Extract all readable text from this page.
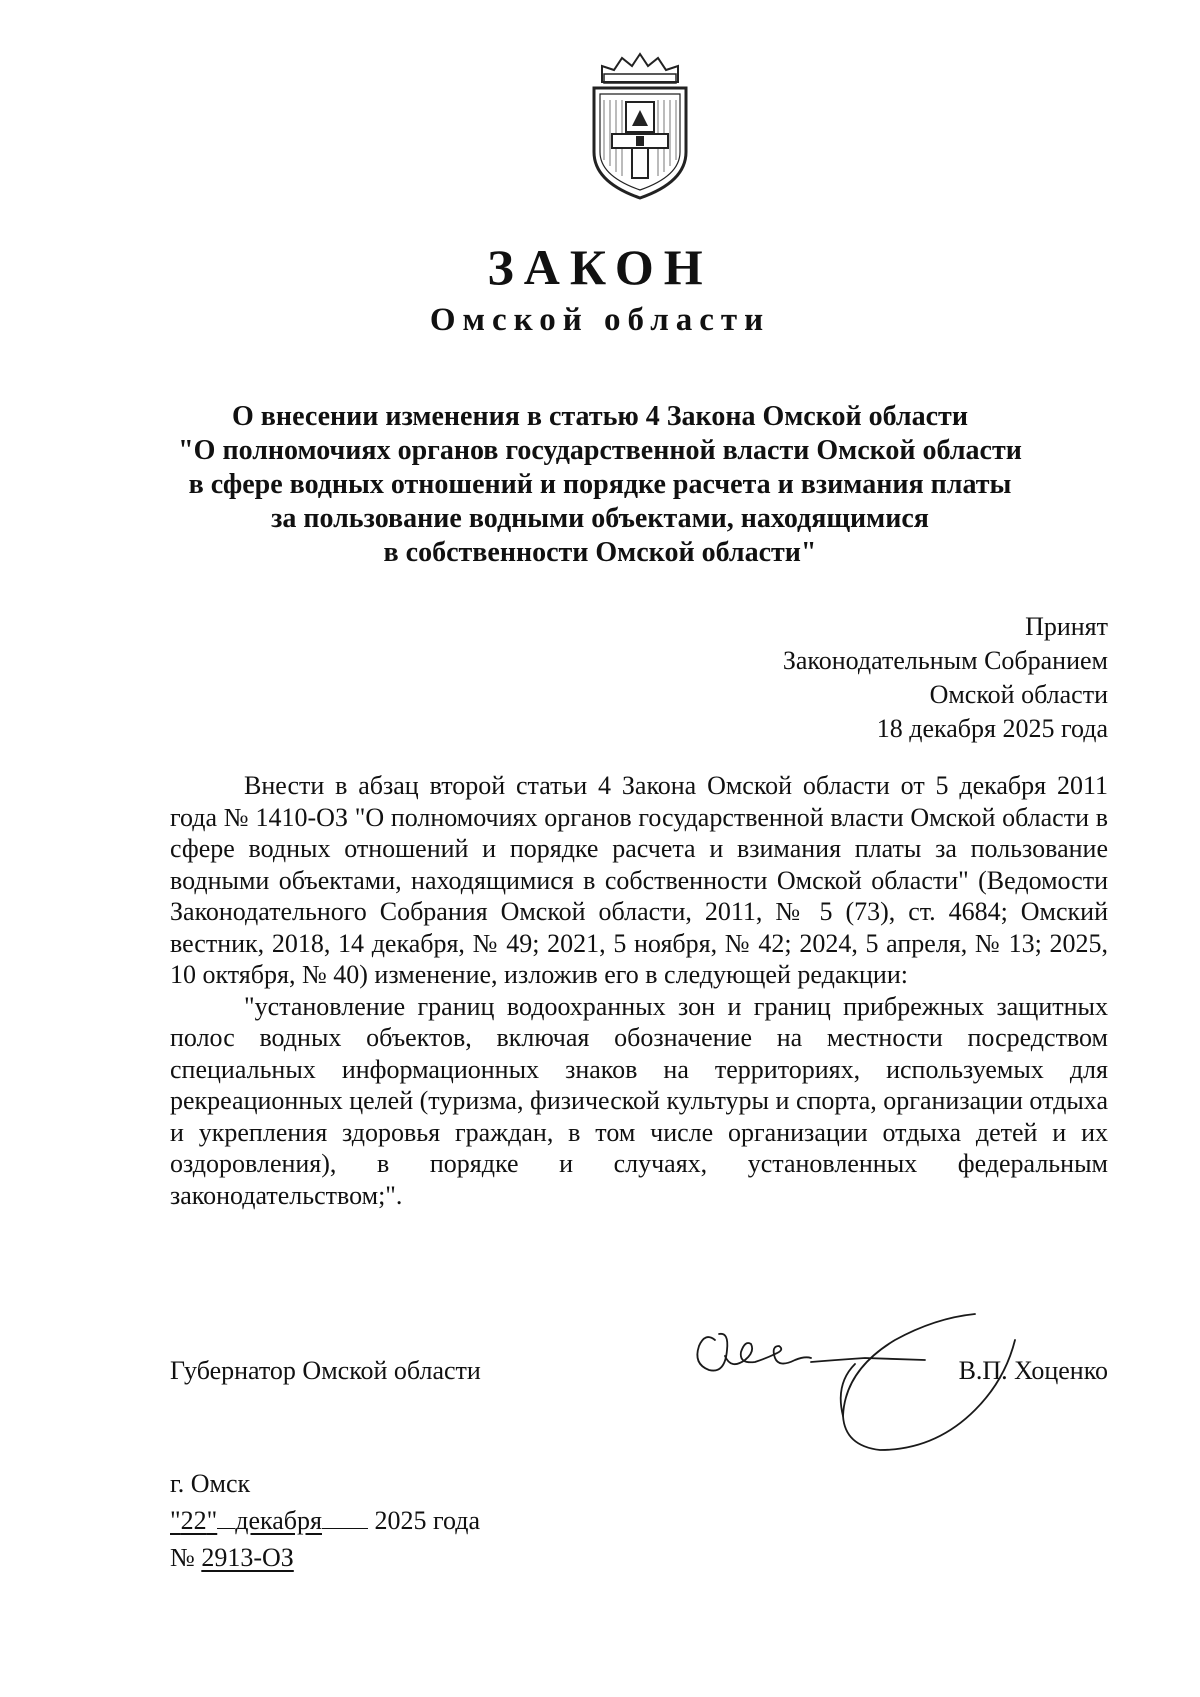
ЗАКОН
Омской области
О внесении изменения в статью 4 Закона Омской области
"О полномочиях органов государственной власти Омской области
в сфере водных отношений и порядке расчета и взимания платы
за пользование водными объектами, находящимися
в собственности Омской области"
Принят
Законодательным Собранием
Омской области
18 декабря 2025 года

Внести в абзац второй статьи 4 Закона Омской области от 5 декабря 2011 года № 1410-ОЗ "О полномочиях органов государственной власти Омской области в сфере водных отношений и порядке расчета и взимания платы за пользование водными объектами, находящимися в собственности Омской области" (Ведомости Законодательного Собрания Омской области, 2011, № 5 (73), ст. 4684; Омский вестник, 2018, 14 декабря, № 49; 2021, 5 ноября, № 42; 2024, 5 апреля, № 13; 2025, 10 октября, № 40) изменение, изложив его в следующей редакции:

"установление границ водоохранных зон и границ прибрежных защитных полос водных объектов, включая обозначение на местности посредством специальных информационных знаков на территориях, используемых для рекреационных целей (туризма, физической культуры и спорта, организации отдыха и укрепления здоровья граждан, в том числе организации отдыха детей и их оздоровления), в порядке и случаях, установленных федеральным законодательством;".

Губернатор Омской области	В.П. Хоценко
г. Омск
"22" декабря 2025 года
№ 2913-ОЗ
